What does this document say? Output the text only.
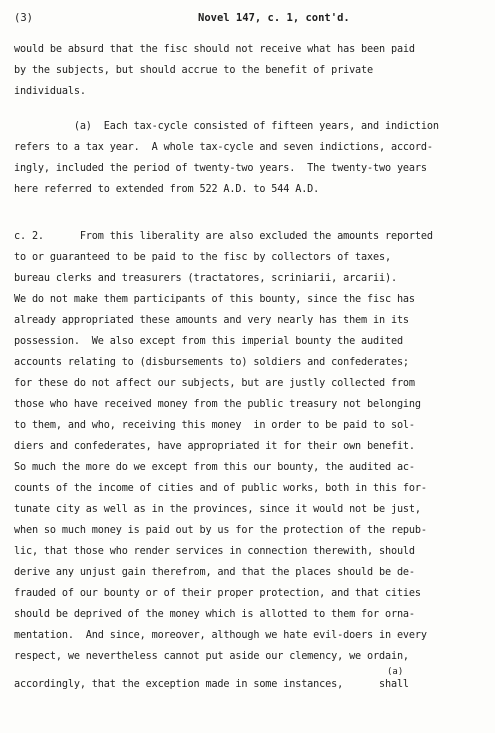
(3)	Novel 147, c. 1, cont'd.
would be absurd that the fisc should not receive what has been paid
by the subjects, but should accrue to the benefit of private
individuals.
(a)  Each tax-cycle consisted of fifteen years, and indiction
refers to a tax year.  A whole tax-cycle and seven indictions, accord-
ingly, included the period of twenty-two years.  The twenty-two years
here referred to extended from 522 A.D. to 544 A.D.
c. 2.      From this liberality are also excluded the amounts reported
to or guaranteed to be paid to the fisc by collectors of taxes,
bureau clerks and treasurers (tractatores, scriniarii, arcarii).
We do not make them participants of this bounty, since the fisc has
already appropriated these amounts and very nearly has them in its
possession.  We also except from this imperial bounty the audited
accounts relating to (disbursements to) soldiers and confederates;
for these do not affect our subjects, but are justly collected from
those who have received money from the public treasury not belonging
to them, and who, receiving this money  in order to be paid to sol-
diers and confederates, have appropriated it for their own benefit.
So much the more do we except from this our bounty, the audited ac-
counts of the income of cities and of public works, both in this for-
tunate city as well as in the provinces, since it would not be just,
when so much money is paid out by us for the protection of the repub-
lic, that those who render services in connection therewith, should
derive any unjust gain therefrom, and that the places should be de-
frauded of our bounty or of their proper protection, and that cities
should be deprived of the money which is allotted to them for orna-
mentation.  And since, moreover, although we hate evil-doers in every
respect, we nevertheless cannot put aside our clemency, we ordain,
accordingly, that the exception made in some instances,      shall
(a)
